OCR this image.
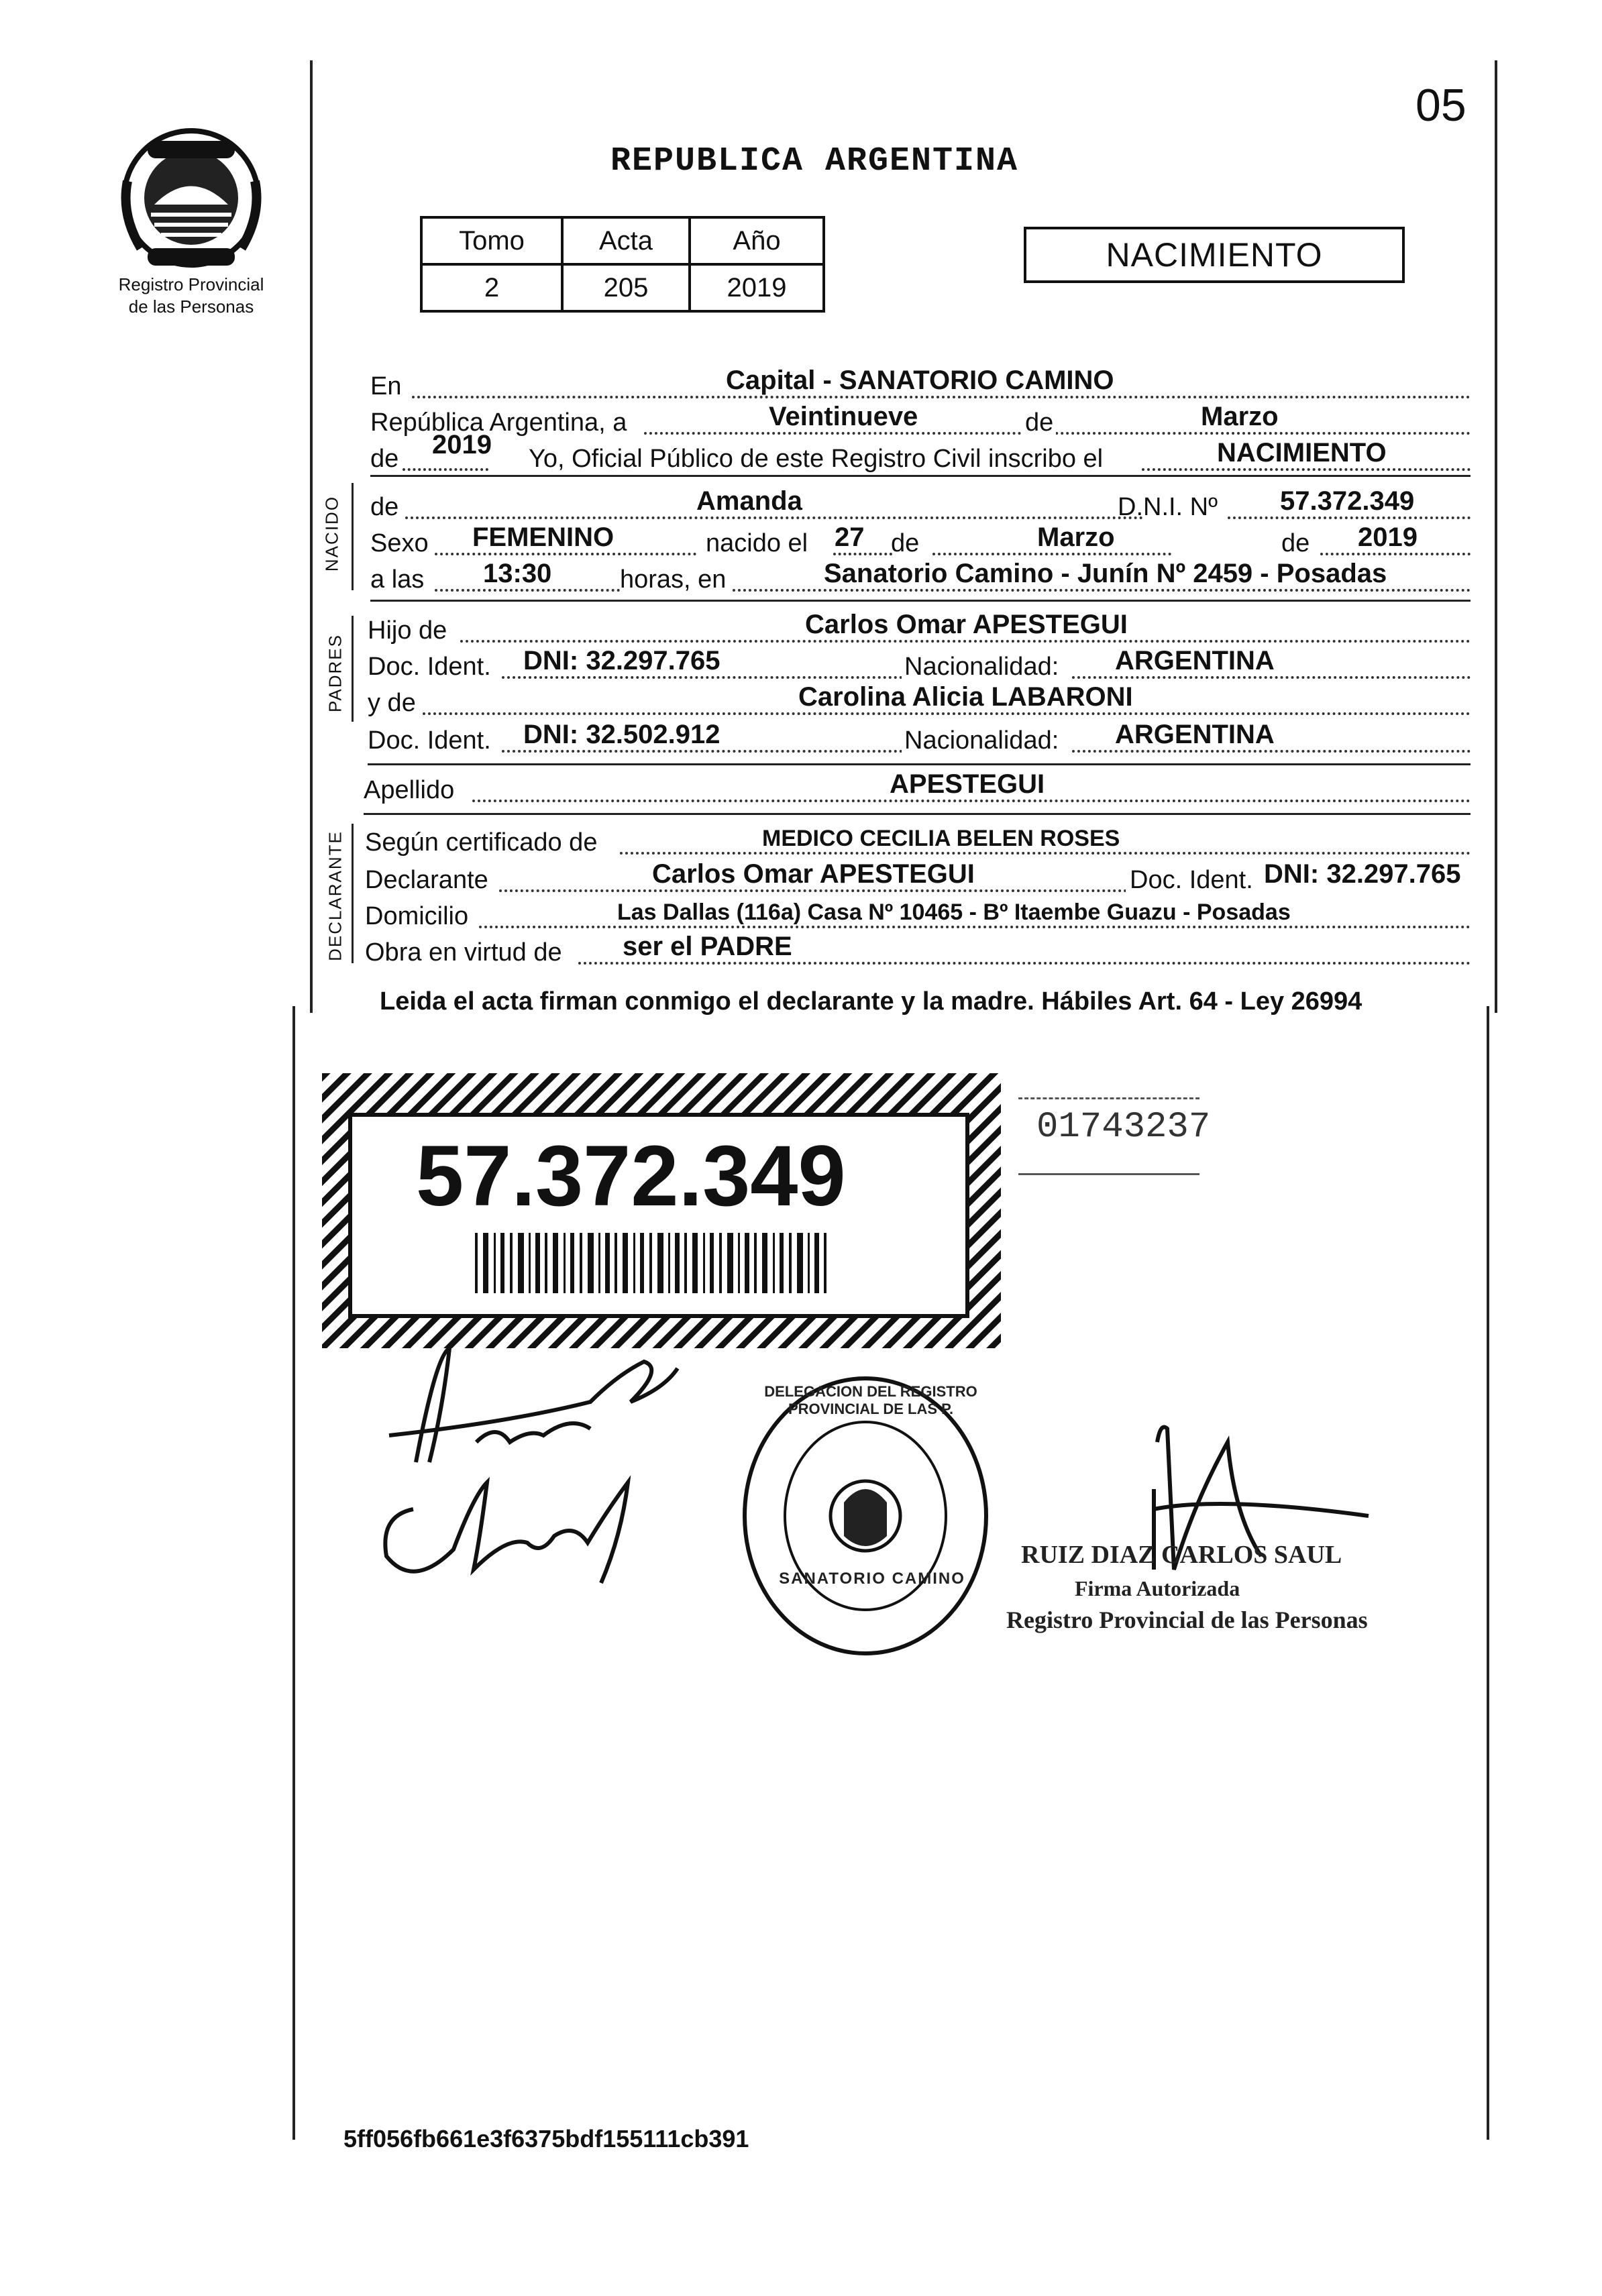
05
Registro Provincial
de las Personas
REPUBLICA ARGENTINA
Tomo	Acta	Año
2	205	2019
NACIMIENTO
NACIDO
PADRES
DECLARANTE
En	Capital - SANATORIO CAMINO
República Argentina, a	Veintinueve	de	Marzo
de 2019 Yo, Oficial Público de este Registro Civil inscribo el	NACIMIENTO
de	Amanda	D.N.I. Nº 57.372.349
Sexo FEMENINO	nacido el 27 de	Marzo	de 2019
a las 13:30	horas, en	Sanatorio Camino - Junín Nº 2459 - Posadas
Hijo de	Carlos Omar APESTEGUI
Doc. Ident. DNI: 32.297.765	Nacionalidad: ARGENTINA
y de	Carolina Alicia LABARONI
Doc. Ident. DNI: 32.502.912	Nacionalidad: ARGENTINA
Apellido	APESTEGUI
Según certificado de	MEDICO CECILIA BELEN ROSES
Declarante	Carlos Omar APESTEGUI	Doc. Ident. DNI: 32.297.765
Domicilio	Las Dallas (116a) Casa Nº 10465 - Bº Itaembe Guazu - Posadas
Obra en virtud de ser el PADRE
Leida el acta firman conmigo el declarante y la madre. Hábiles Art. 64 - Ley 26994
57.372.349
01743237
DELEGACION DEL REGISTRO PROVINCIAL DE LAS P.
SANATORIO CAMINO
RUIZ DIAZ CARLOS SAUL
Firma Autorizada
Registro Provincial de las Personas
5ff056fb661e3f6375bdf155111cb391
